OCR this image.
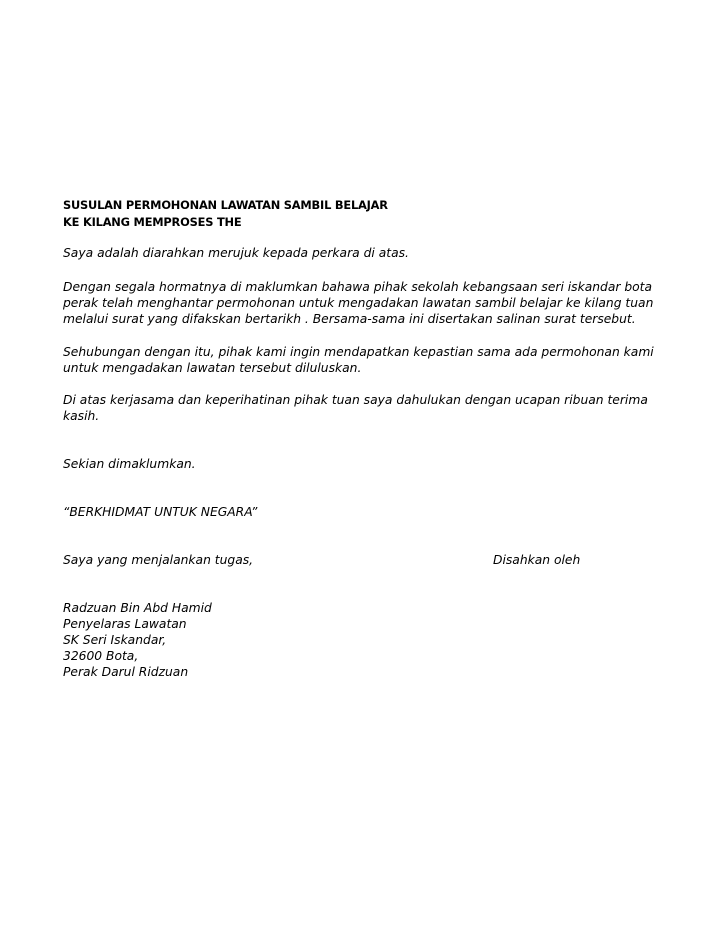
SUSULAN PERMOHONAN LAWATAN SAMBIL BELAJAR
KE KILANG MEMPROSES THE
Saya adalah diarahkan merujuk kepada perkara di atas.
Dengan segala hormatnya di maklumkan bahawa pihak sekolah kebangsaan seri iskandar bota
perak telah menghantar permohonan untuk mengadakan lawatan sambil belajar ke kilang tuan
melalui surat yang difakskan bertarikh . Bersama-sama ini disertakan salinan surat tersebut.
Sehubungan dengan itu, pihak kami ingin mendapatkan kepastian sama ada permohonan kami
untuk mengadakan lawatan tersebut diluluskan.
Di atas kerjasama dan keperihatinan pihak tuan saya dahulukan dengan ucapan ribuan terima
kasih.
Sekian dimaklumkan.
“BERKHIDMAT UNTUK NEGARA”
Saya yang menjalankan tugas,	Disahkan oleh
Radzuan Bin Abd Hamid
Penyelaras Lawatan
SK Seri Iskandar,
32600 Bota,
Perak Darul Ridzuan
